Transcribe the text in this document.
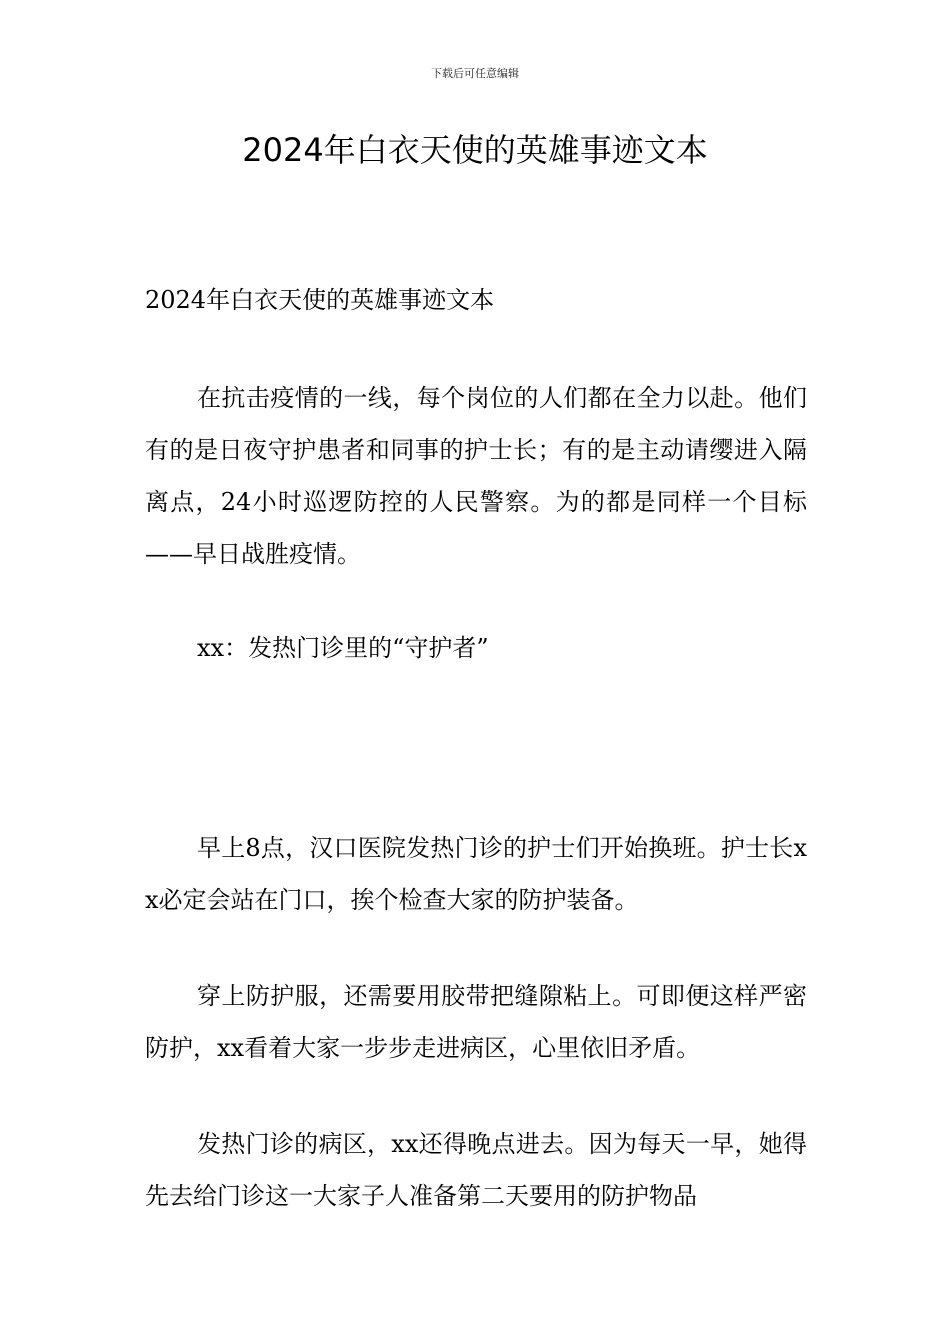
下载后可任意编辑
2024年白衣天使的英雄事迹文本

2024年白衣天使的英雄事迹文本

在抗击疫情的一线，每个岗位的人们都在全力以赴。他们有的是日夜守护患者和同事的护士长；有的是主动请缨进入隔离点，24小时巡逻防控的人民警察。为的都是同样一个目标——早日战胜疫情。

xx：发热门诊里的“守护者”

早上8点，汉口医院发热门诊的护士们开始换班。护士长xx必定会站在门口，挨个检查大家的防护装备。

穿上防护服，还需要用胶带把缝隙粘上。可即便这样严密防护，xx看着大家一步步走进病区，心里依旧矛盾。

发热门诊的病区，xx还得晚点进去。因为每天一早，她得先去给门诊这一大家子人准备第二天要用的防护物品
